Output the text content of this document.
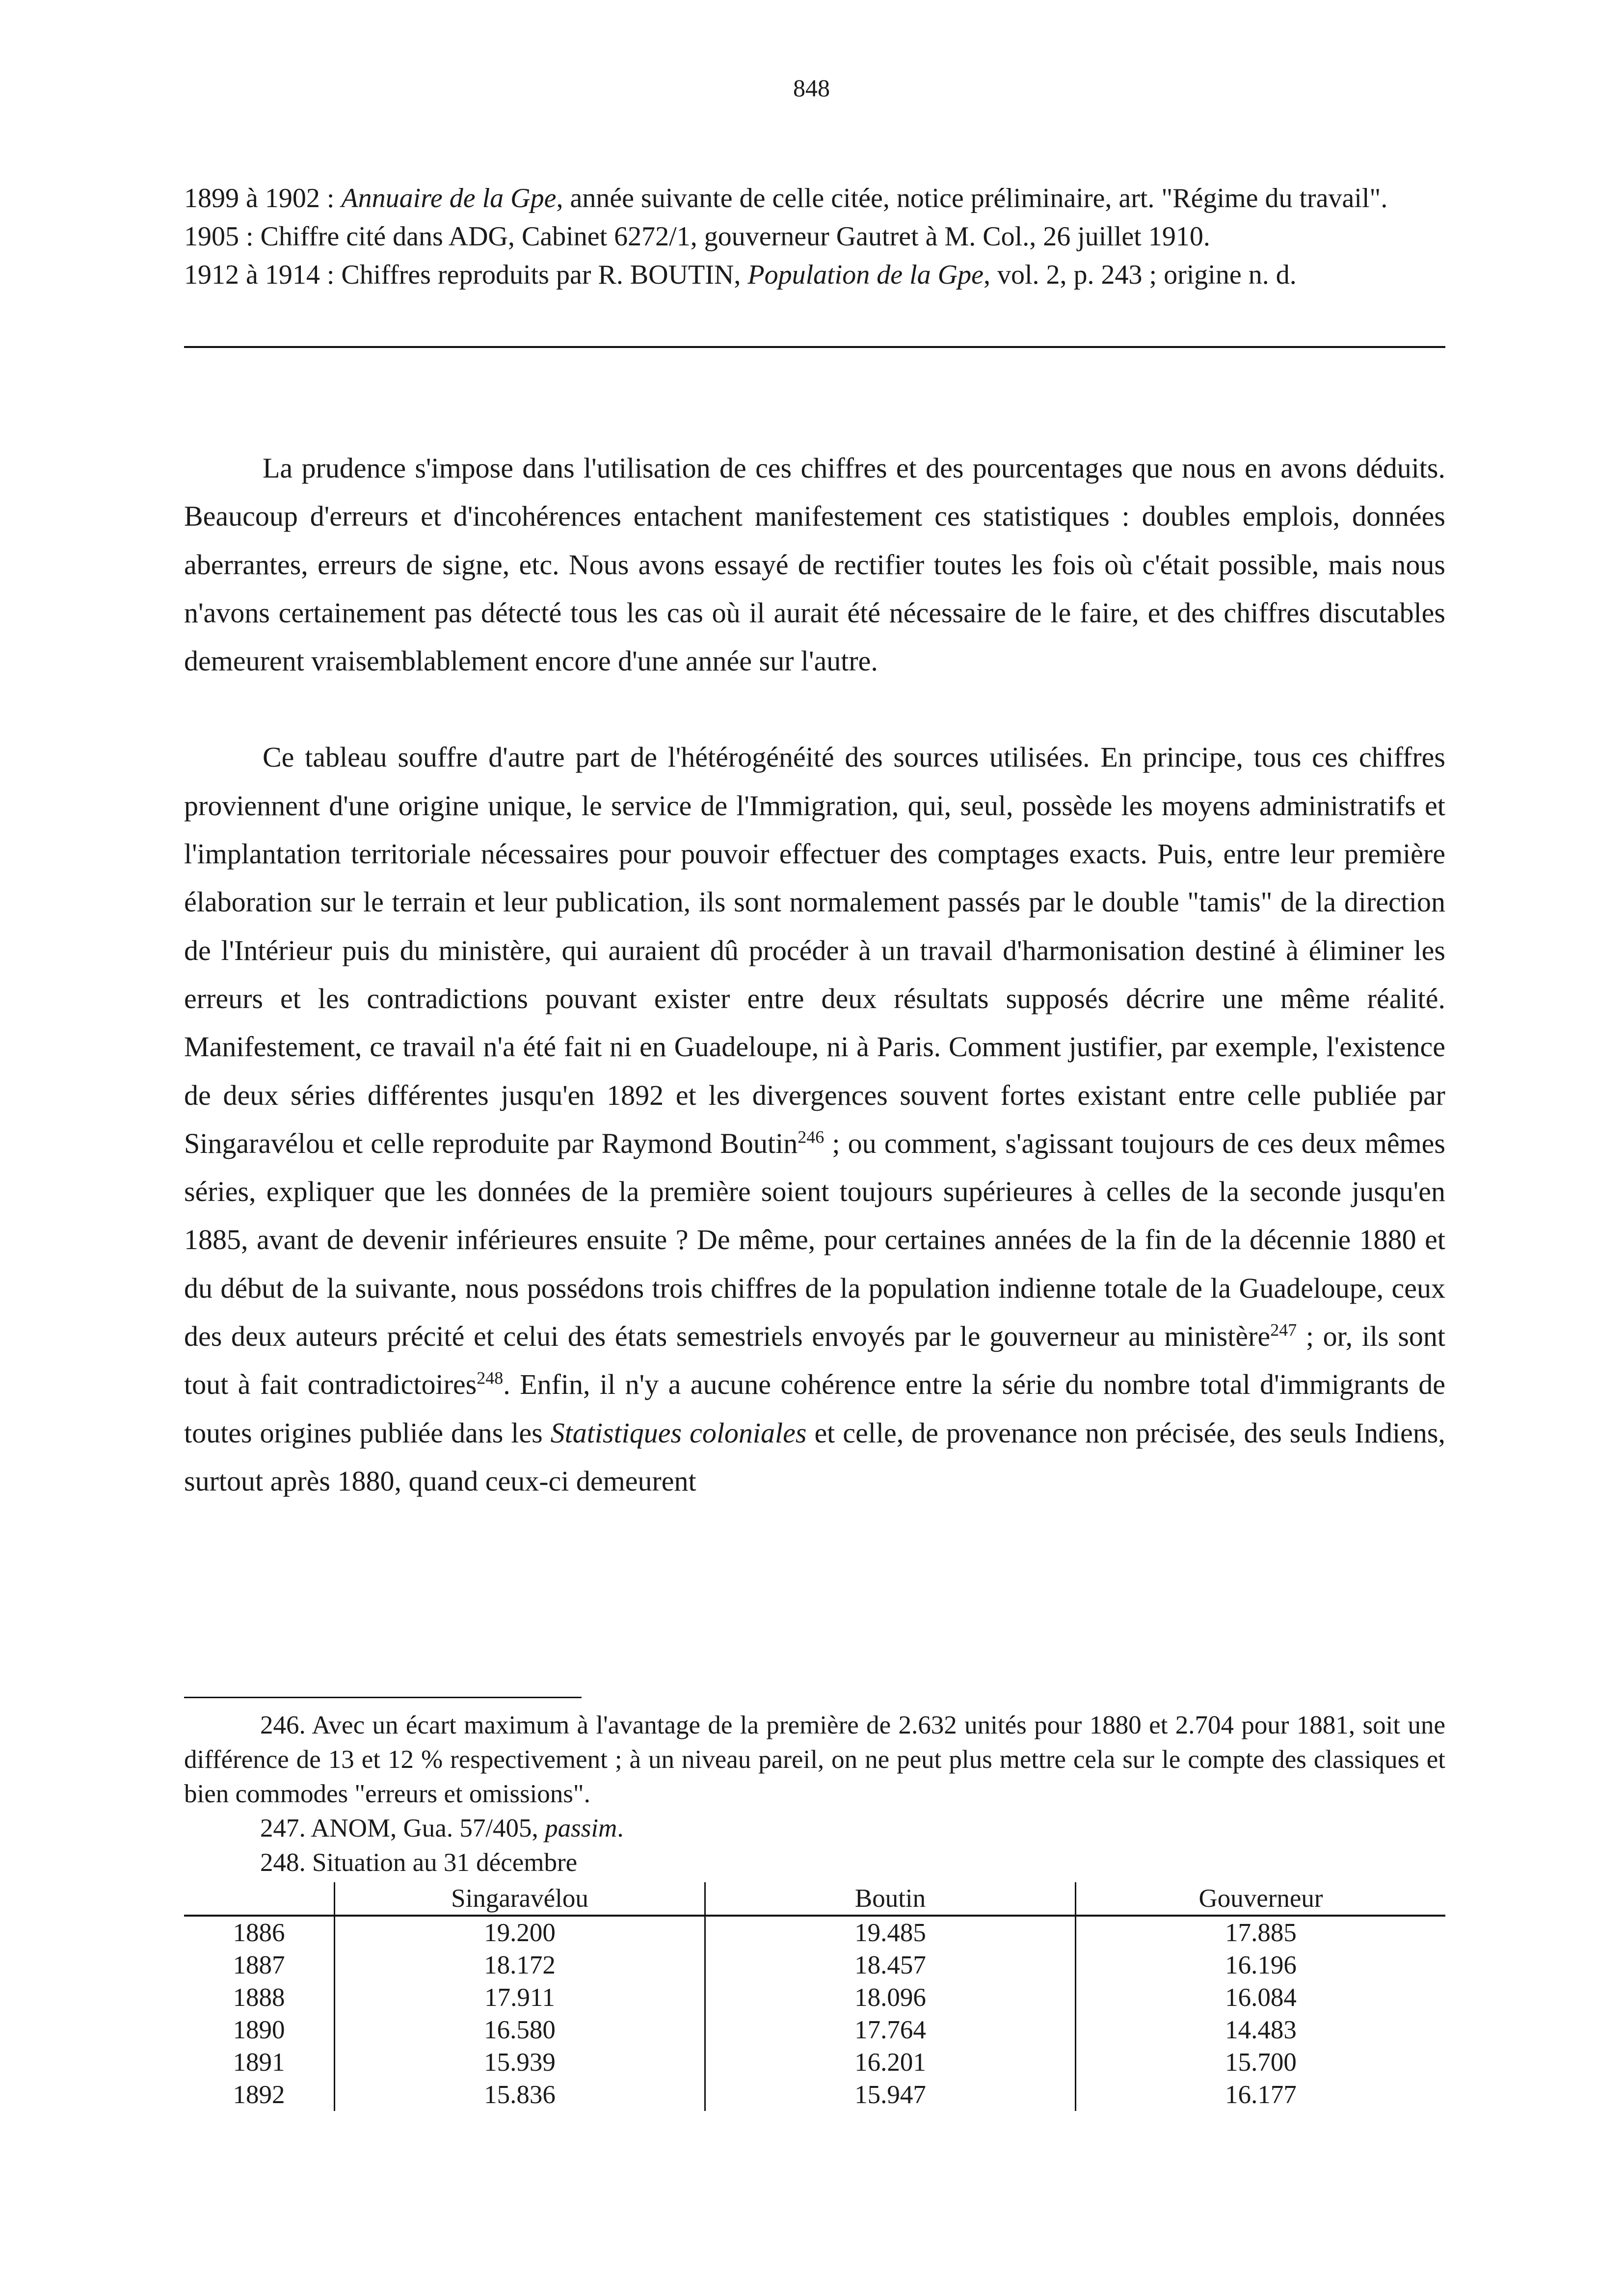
848

1899 à 1902 : Annuaire de la Gpe, année suivante de celle citée, notice préliminaire, art. "Régime du travail".

1905 : Chiffre cité dans ADG, Cabinet 6272/1, gouverneur Gautret à M. Col., 26 juillet 1910.

1912 à 1914 : Chiffres reproduits par R. BOUTIN, Population de la Gpe, vol. 2, p. 243 ; origine n. d.

La prudence s'impose dans l'utilisation de ces chiffres et des pourcentages que nous en avons déduits. Beaucoup d'erreurs et d'incohérences entachent manifestement ces statistiques : doubles emplois, données aberrantes, erreurs de signe, etc. Nous avons essayé de rectifier toutes les fois où c'était possible, mais nous n'avons certainement pas détecté tous les cas où il aurait été nécessaire de le faire, et des chiffres discutables demeurent vraisemblablement encore d'une année sur l'autre.

Ce tableau souffre d'autre part de l'hétérogénéité des sources utilisées. En principe, tous ces chiffres proviennent d'une origine unique, le service de l'Immigration, qui, seul, possède les moyens administratifs et l'implantation territoriale nécessaires pour pouvoir effectuer des comptages exacts. Puis, entre leur première élaboration sur le terrain et leur publication, ils sont normalement passés par le double "tamis" de la direction de l'Intérieur puis du ministère, qui auraient dû procéder à un travail d'harmonisation destiné à éliminer les erreurs et les contradictions pouvant exister entre deux résultats supposés décrire une même réalité. Manifestement, ce travail n'a été fait ni en Guadeloupe, ni à Paris. Comment justifier, par exemple, l'existence de deux séries différentes jusqu'en 1892 et les divergences souvent fortes existant entre celle publiée par Singaravélou et celle reproduite par Raymond Boutin$^{246}$ ; ou comment, s'agissant toujours de ces deux mêmes séries, expliquer que les données de la première soient toujours supérieures à celles de la seconde jusqu'en 1885, avant de devenir inférieures ensuite ? De même, pour certaines années de la fin de la décennie 1880 et du début de la suivante, nous possédons trois chiffres de la population indienne totale de la Guadeloupe, ceux des deux auteurs précité et celui des états semestriels envoyés par le gouverneur au ministère$^{247}$ ; or, ils sont tout à fait contradictoires$^{248}$. Enfin, il n'y a aucune cohérence entre la série du nombre total d'immigrants de toutes origines publiée dans les Statistiques coloniales et celle, de provenance non précisée, des seuls Indiens, surtout après 1880, quand ceux-ci demeurent

246. Avec un écart maximum à l'avantage de la première de 2.632 unités pour 1880 et 2.704 pour 1881, soit une différence de 13 et 12 % respectivement ; à un niveau pareil, on ne peut plus mettre cela sur le compte des classiques et bien commodes "erreurs et omissions".

247. ANOM, Gua. 57/405, passim.

248. Situation au 31 décembre

	Singaravélou	Boutin	Gouverneur
1886	19.200	19.485	17.885
1887	18.172	18.457	16.196
1888	17.911	18.096	16.084
1890	16.580	17.764	14.483
1891	15.939	16.201	15.700
1892	15.836	15.947	16.177
